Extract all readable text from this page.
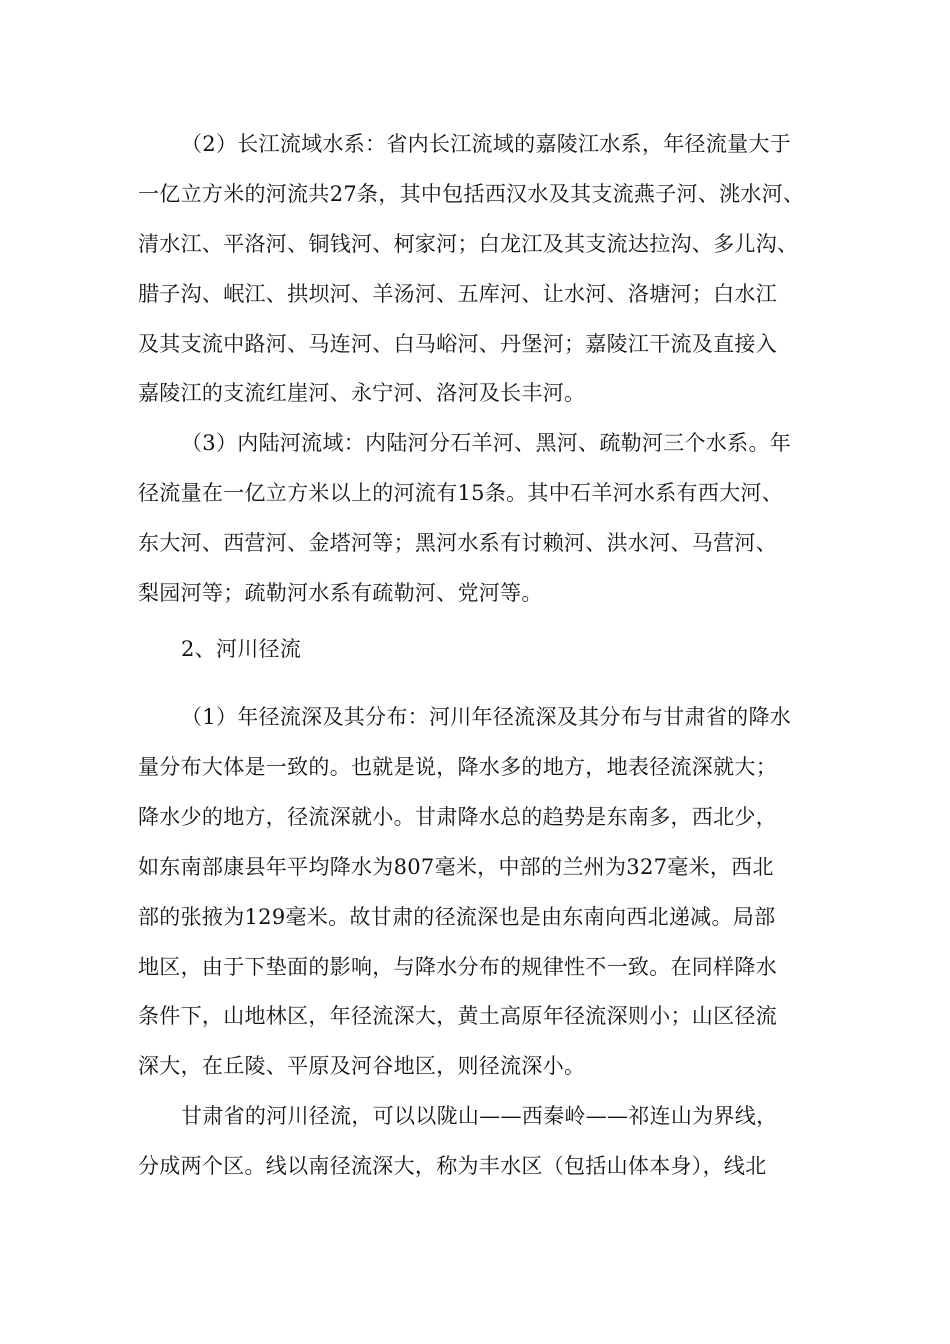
（2）长江流域水系：省内长江流域的嘉陵江水系，年径流量大于
一亿立方米的河流共27条，其中包括西汉水及其支流燕子河、洮水河、
清水江、平洛河、铜钱河、柯家河；白龙江及其支流达拉沟、多儿沟、
腊子沟、岷江、拱坝河、羊汤河、五库河、让水河、洛塘河；白水江
及其支流中路河、马连河、白马峪河、丹堡河；嘉陵江干流及直接入
嘉陵江的支流红崖河、永宁河、洛河及长丰河。
（3）内陆河流域：内陆河分石羊河、黑河、疏勒河三个水系。年
径流量在一亿立方米以上的河流有15条。其中石羊河水系有西大河、
东大河、西营河、金塔河等；黑河水系有讨赖河、洪水河、马营河、
梨园河等；疏勒河水系有疏勒河、党河等。
2、河川径流
（1）年径流深及其分布：河川年径流深及其分布与甘肃省的降水
量分布大体是一致的。也就是说，降水多的地方，地表径流深就大；
降水少的地方，径流深就小。甘肃降水总的趋势是东南多，西北少，
如东南部康县年平均降水为807毫米，中部的兰州为327毫米，西北
部的张掖为129毫米。故甘肃的径流深也是由东南向西北递减。局部
地区，由于下垫面的影响，与降水分布的规律性不一致。在同样降水
条件下，山地林区，年径流深大，黄土高原年径流深则小；山区径流
深大，在丘陵、平原及河谷地区，则径流深小。
甘肃省的河川径流，可以以陇山——西秦岭——祁连山为界线，
分成两个区。线以南径流深大，称为丰水区（包括山体本身），线北
